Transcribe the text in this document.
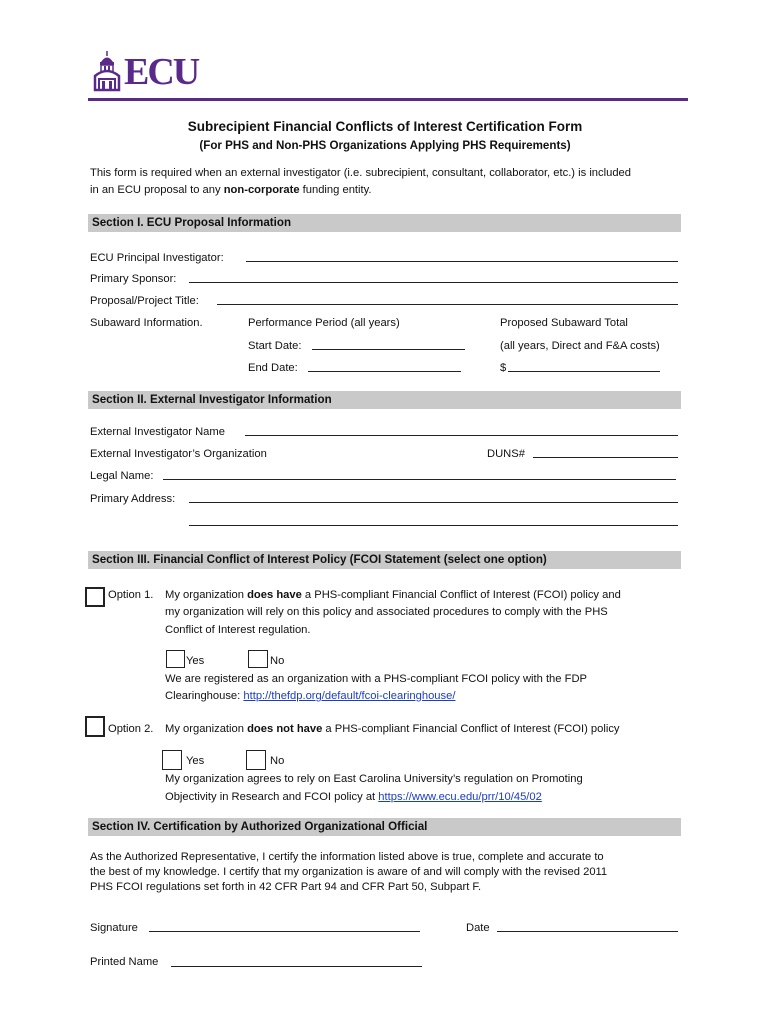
ECU
Subrecipient Financial Conflicts of Interest Certification Form
(For PHS and Non-PHS Organizations Applying PHS Requirements)
This form is required when an external investigator (i.e. subrecipient, consultant, collaborator, etc.) is included
in an ECU proposal to any non-corporate funding entity.
Section I. ECU Proposal Information
ECU Principal Investigator:
Primary Sponsor:
Proposal/Project Title:
Subaward Information.	Performance Period (all years)	Proposed Subaward Total
Start Date:	(all years, Direct and F&A costs)
End Date:	$
Section II. External Investigator Information
External Investigator Name
External Investigator’s Organization	DUNS#
Legal Name:
Primary Address:
Section III. Financial Conflict of Interest Policy (FCOI Statement (select one option)
Option 1. My organization does have a PHS-compliant Financial Conflict of Interest (FCOI) policy and
my organization will rely on this policy and associated procedures to comply with the PHS
Conflict of Interest regulation.
Yes	No
We are registered as an organization with a PHS-compliant FCOI policy with the FDP
Clearinghouse: http://thefdp.org/default/fcoi-clearinghouse/
Option 2. My organization does not have a PHS-compliant Financial Conflict of Interest (FCOI) policy
Yes	No
My organization agrees to rely on East Carolina University’s regulation on Promoting
Objectivity in Research and FCOI policy at https://www.ecu.edu/prr/10/45/02
Section IV. Certification by Authorized Organizational Official
As the Authorized Representative, I certify the information listed above is true, complete and accurate to
the best of my knowledge. I certify that my organization is aware of and will comply with the revised 2011
PHS FCOI regulations set forth in 42 CFR Part 94 and CFR Part 50, Subpart F.
Signature	Date
Printed Name
